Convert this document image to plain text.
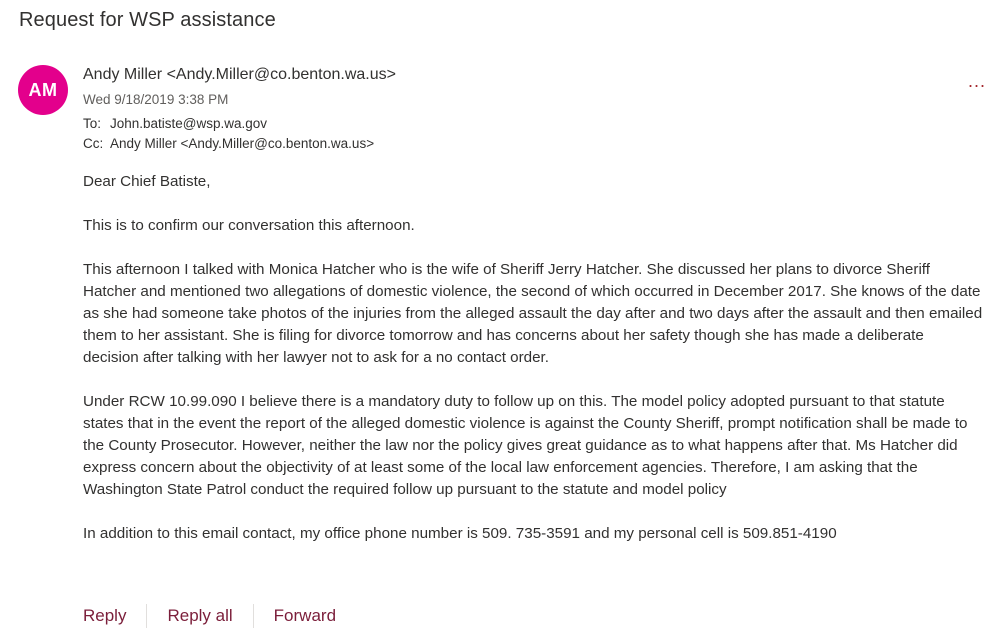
Request for WSP assistance
AM
Andy Miller <Andy.Miller@co.benton.wa.us>
Wed 9/18/2019 3:38 PM
To: John.batiste@wsp.wa.gov
Cc: Andy Miller <Andy.Miller@co.benton.wa.us>
...

Dear Chief Batiste,

This is to confirm our conversation this afternoon.

This afternoon I talked with Monica Hatcher who is the wife of Sheriff Jerry Hatcher. She discussed her plans to divorce Sheriff Hatcher and mentioned two allegations of domestic violence, the second of which occurred in December 2017. She knows of the date as she had someone take photos of the injuries from the alleged assault the day after and two days after the assault and then emailed them to her assistant. She is filing for divorce tomorrow and has concerns about her safety though she has made a deliberate decision after talking with her lawyer not to ask for a no contact order.

Under RCW 10.99.090 I believe there is a mandatory duty to follow up on this. The model policy adopted pursuant to that statute states that in the event the report of the alleged domestic violence is against the County Sheriff, prompt notification shall be made to the County Prosecutor. However, neither the law nor the policy gives great guidance as to what happens after that. Ms Hatcher did express concern about the objectivity of at least some of the local law enforcement agencies. Therefore, I am asking that the Washington State Patrol conduct the required follow up pursuant to the statute and model policy

In addition to this email contact, my office phone number is 509. 735-3591 and my personal cell is 509.851-4190

Reply Reply all Forward
